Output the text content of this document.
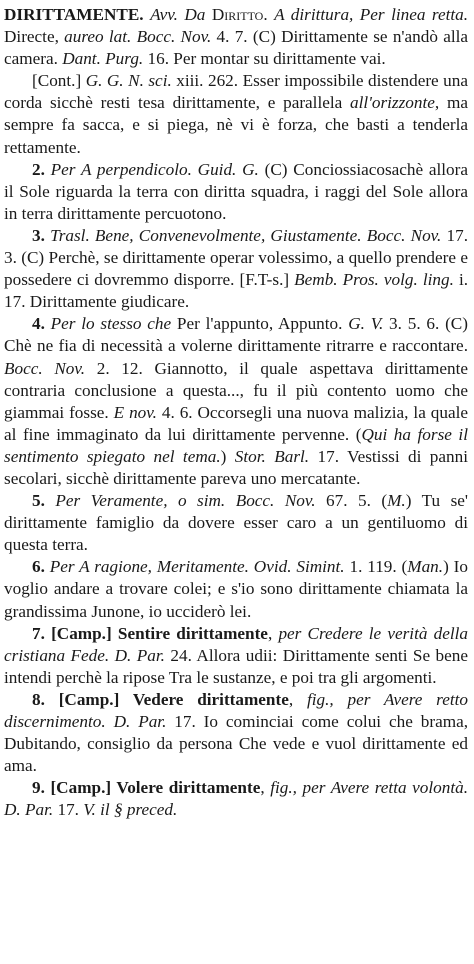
DIRITTAMENTE. Avv. Da Diritto. A dirittura, Per linea retta. Directe, aureo lat. Bocc. Nov. 4. 7. (C) Dirittamente se n'andò alla camera. Dant. Purg. 16. Per montar su dirittamente vai.

[Cont.] G. G. N. sci. xiii. 262. Esser impossibile distendere una corda sicchè resti tesa dirittamente, e parallela all'orizzonte, ma sempre fa sacca, e si piega, nè vi è forza, che basti a tenderla rettamente.

2. Per A perpendicolo. Guid. G. (C) Conciossiacosachè allora il Sole riguarda la terra con diritta squadra, i raggi del Sole allora in terra dirittamente percuotono.

3. Trasl. Bene, Convenevolmente, Giustamente. Bocc. Nov. 17. 3. (C) Perchè, se dirittamente operar volessimo, a quello prendere e possedere ci dovremmo disporre. [F.T-s.] Bemb. Pros. volg. ling. i. 17. Dirittamente giudicare.

4. Per lo stesso che Per l'appunto, Appunto. G. V. 3. 5. 6. (C) Chè ne fia di necessità a volerne dirittamente ritrarre e raccontare. Bocc. Nov. 2. 12. Giannotto, il quale aspettava dirittamente contraria conclusione a questa..., fu il più contento uomo che giammai fosse. E nov. 4. 6. Occorsegli una nuova malizia, la quale al fine immaginato da lui dirittamente pervenne. (Qui ha forse il sentimento spiegato nel tema.) Stor. Barl. 17. Vestissi di panni secolari, sicchè dirittamente pareva uno mercatante.

5. Per Veramente, o sim. Bocc. Nov. 67. 5. (M.) Tu se' dirittamente famiglio da dovere esser caro a un gentiluomo di questa terra.

6. Per A ragione, Meritamente. Ovid. Simint. 1. 119. (Man.) Io voglio andare a trovare colei; e s'io sono dirittamente chiamata la grandissima Junone, io ucciderò lei.

7. [Camp.] Sentire dirittamente, per Credere le verità della cristiana Fede. D. Par. 24. Allora udii: Dirittamente senti Se bene intendi perchè la ripose Tra le sustanze, e poi tra gli argomenti.

8. [Camp.] Vedere dirittamente, fig., per Avere retto discernimento. D. Par. 17. Io cominciai come colui che brama, Dubitando, consiglio da persona Che vede e vuol dirittamente ed ama.

9. [Camp.] Volere dirittamente, fig., per Avere retta volontà. D. Par. 17. V. il § preced.
